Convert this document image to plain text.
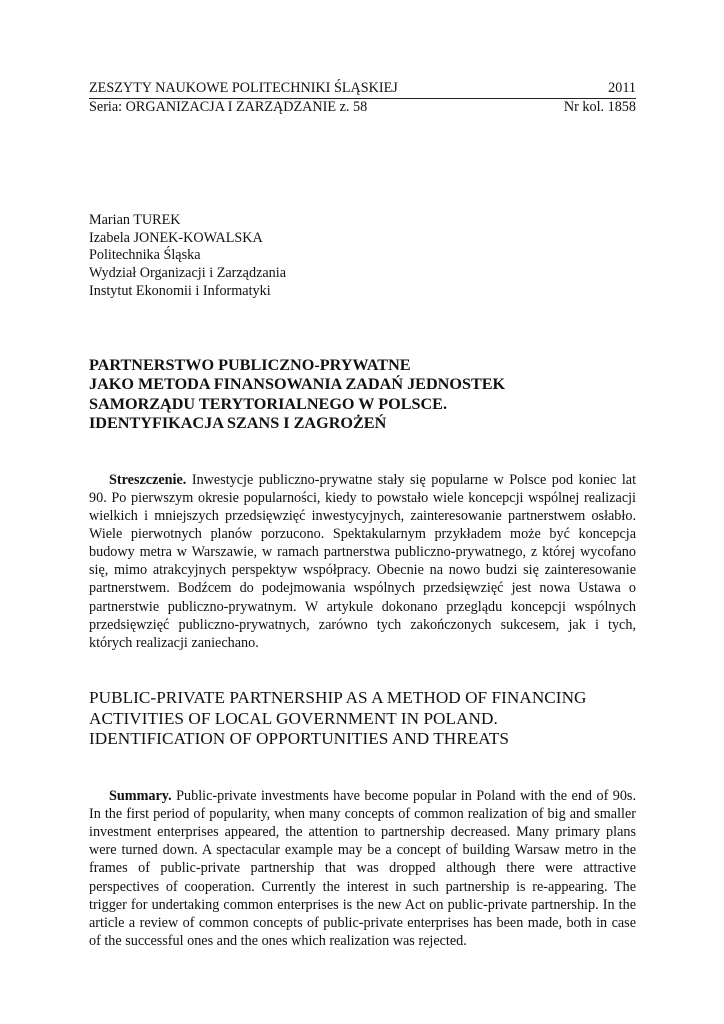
ZESZYTY NAUKOWE POLITECHNIKI ŚLĄSKIEJ	2011
Seria: ORGANIZACJA I ZARZĄDZANIE z. 58	Nr kol. 1858
Marian TUREK
Izabela JONEK-KOWALSKA
Politechnika Śląska
Wydział Organizacji i Zarządzania
Instytut Ekonomii i Informatyki
PARTNERSTWO PUBLICZNO-PRYWATNE
JAKO METODA FINANSOWANIA ZADAŃ JEDNOSTEK
SAMORZĄDU TERYTORIALNEGO W POLSCE.
IDENTYFIKACJA SZANS I ZAGROŻEŃ

Streszczenie. Inwestycje publiczno-prywatne stały się popularne w Polsce pod koniec lat 90. Po pierwszym okresie popularności, kiedy to powstało wiele koncepcji wspólnej realizacji wielkich i mniejszych przedsięwzięć inwestycyjnych, zainteresowanie partnerstwem osłabło. Wiele pierwotnych planów porzucono. Spektakularnym przykładem może być koncepcja budowy metra w Warszawie, w ramach partnerstwa publiczno-prywatnego, z której wycofano się, mimo atrakcyjnych perspektyw współpracy. Obecnie na nowo budzi się zainteresowanie partnerstwem. Bodźcem do podejmowania wspólnych przedsięwzięć jest nowa Ustawa o partnerstwie publiczno-prywatnym. W artykule dokonano przeglądu koncepcji wspólnych przedsięwzięć publiczno-prywatnych, zarówno tych zakończonych sukcesem, jak i tych, których realizacji zaniechano.

PUBLIC-PRIVATE PARTNERSHIP AS A METHOD OF FINANCING
ACTIVITIES OF LOCAL GOVERNMENT IN POLAND.
IDENTIFICATION OF OPPORTUNITIES AND THREATS

Summary. Public-private investments have become popular in Poland with the end of 90s. In the first period of popularity, when many concepts of common realization of big and smaller investment enterprises appeared, the attention to partnership decreased. Many primary plans were turned down. A spectacular example may be a concept of building Warsaw metro in the frames of public-private partnership that was dropped although there were attractive perspectives of cooperation. Currently the interest in such partnership is re-appearing. The trigger for undertaking common enterprises is the new Act on public-private partnership. In the article a review of common concepts of public-private enterprises has been made, both in case of the successful ones and the ones which realization was rejected.
